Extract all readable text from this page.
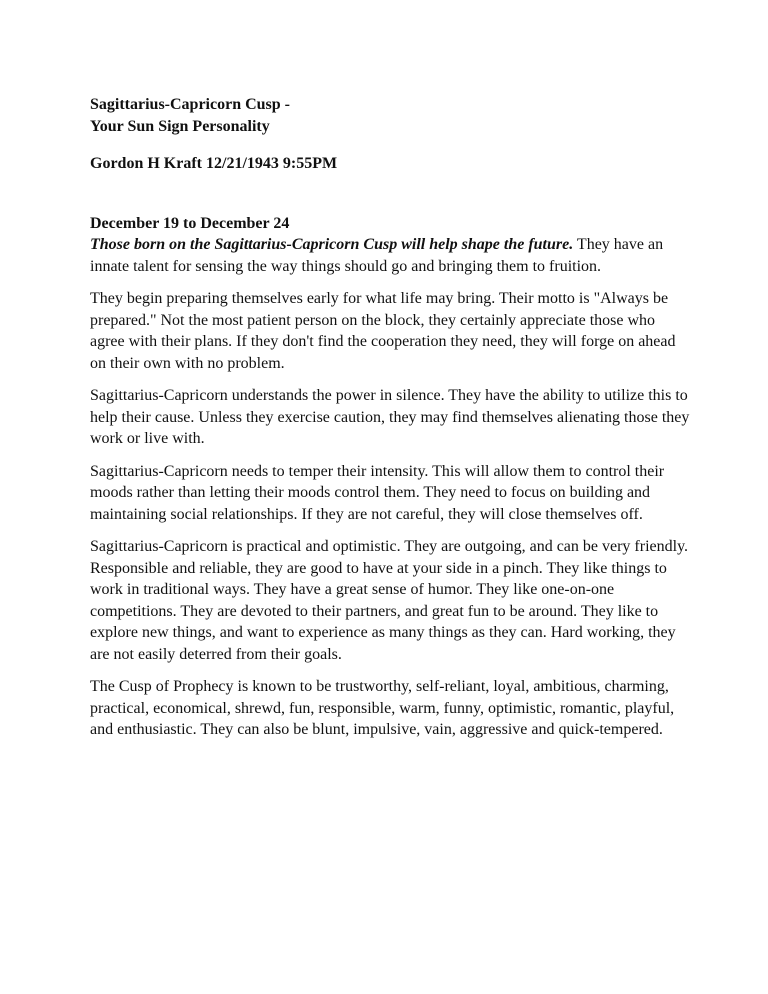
Sagittarius-Capricorn Cusp -
Your Sun Sign Personality
Gordon H Kraft 12/21/1943 9:55PM
December 19 to December 24

Those born on the Sagittarius-Capricorn Cusp will help shape the future. They have an innate talent for sensing the way things should go and bringing them to fruition.

They begin preparing themselves early for what life may bring. Their motto is "Always be prepared." Not the most patient person on the block, they certainly appreciate those who agree with their plans. If they don't find the cooperation they need, they will forge on ahead on their own with no problem.

Sagittarius-Capricorn understands the power in silence. They have the ability to utilize this to help their cause. Unless they exercise caution, they may find themselves alienating those they work or live with.

Sagittarius-Capricorn needs to temper their intensity. This will allow them to control their moods rather than letting their moods control them. They need to focus on building and maintaining social relationships. If they are not careful, they will close themselves off.

Sagittarius-Capricorn is practical and optimistic. They are outgoing, and can be very friendly. Responsible and reliable, they are good to have at your side in a pinch. They like things to work in traditional ways. They have a great sense of humor. They like one-on-one competitions. They are devoted to their partners, and great fun to be around. They like to explore new things, and want to experience as many things as they can. Hard working, they are not easily deterred from their goals.

The Cusp of Prophecy is known to be trustworthy, self-reliant, loyal, ambitious, charming, practical, economical, shrewd, fun, responsible, warm, funny, optimistic, romantic, playful, and enthusiastic. They can also be blunt, impulsive, vain, aggressive and quick-tempered.
